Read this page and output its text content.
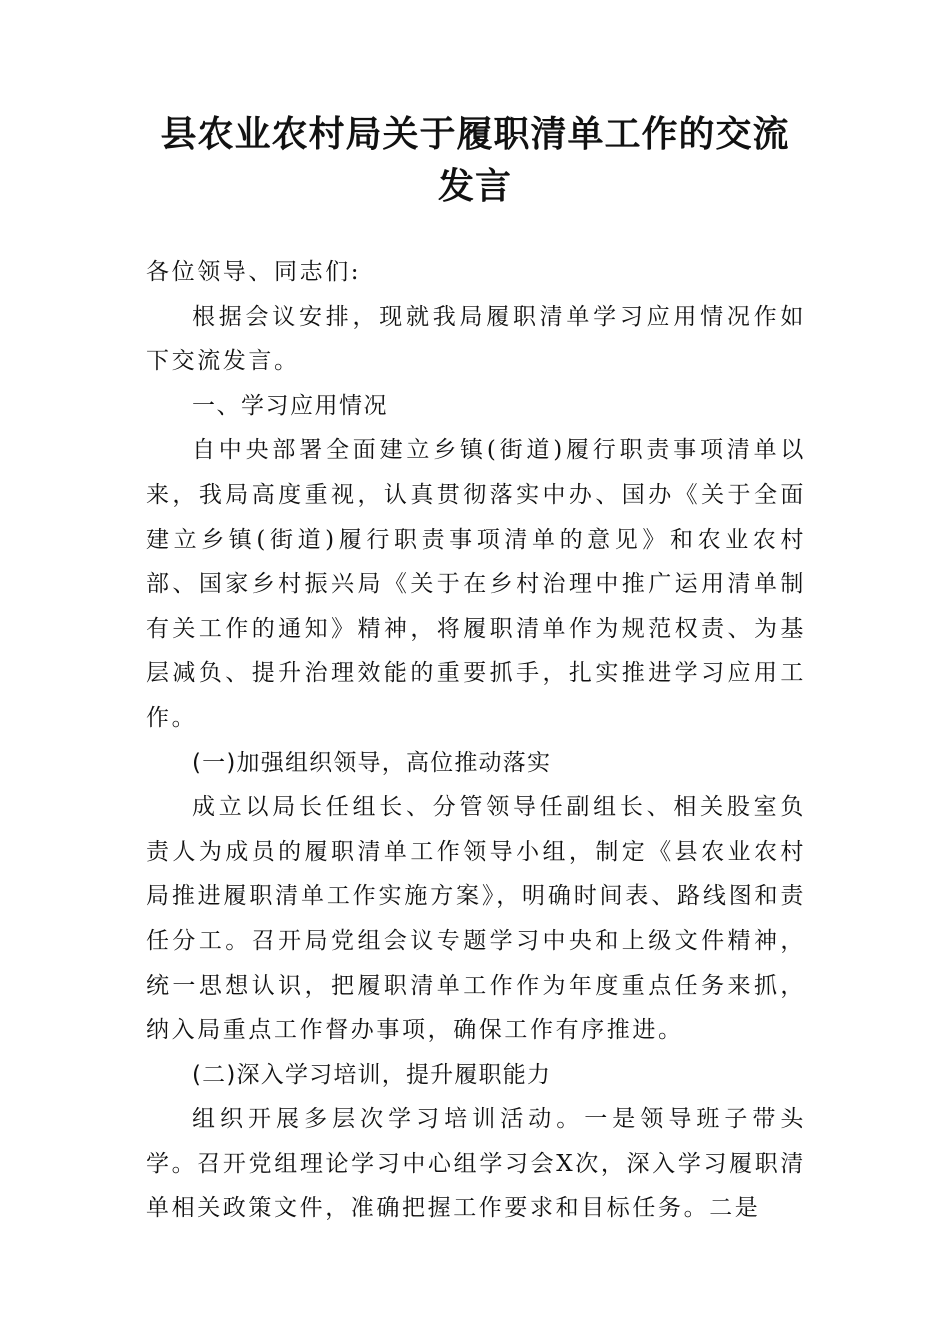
县农业农村局关于履职清单工作的交流发言

各位领导、同志们:

根据会议安排，现就我局履职清单学习应用情况作如下交流发言。

一、学习应用情况

自中央部署全面建立乡镇(街道)履行职责事项清单以来，我局高度重视，认真贯彻落实中办、国办《关于全面建立乡镇(街道)履行职责事项清单的意见》和农业农村部、国家乡村振兴局《关于在乡村治理中推广运用清单制有关工作的通知》精神，将履职清单作为规范权责、为基层减负、提升治理效能的重要抓手，扎实推进学习应用工作。

(一)加强组织领导，高位推动落实

成立以局长任组长、分管领导任副组长、相关股室负责人为成员的履职清单工作领导小组，制定《县农业农村局推进履职清单工作实施方案》，明确时间表、路线图和责任分工。召开局党组会议专题学习中央和上级文件精神，统一思想认识，把履职清单工作作为年度重点任务来抓，纳入局重点工作督办事项，确保工作有序推进。

(二)深入学习培训，提升履职能力

组织开展多层次学习培训活动。一是领导班子带头学。召开党组理论学习中心组学习会X次，深入学习履职清单相关政策文件，准确把握工作要求和目标任务。二是
